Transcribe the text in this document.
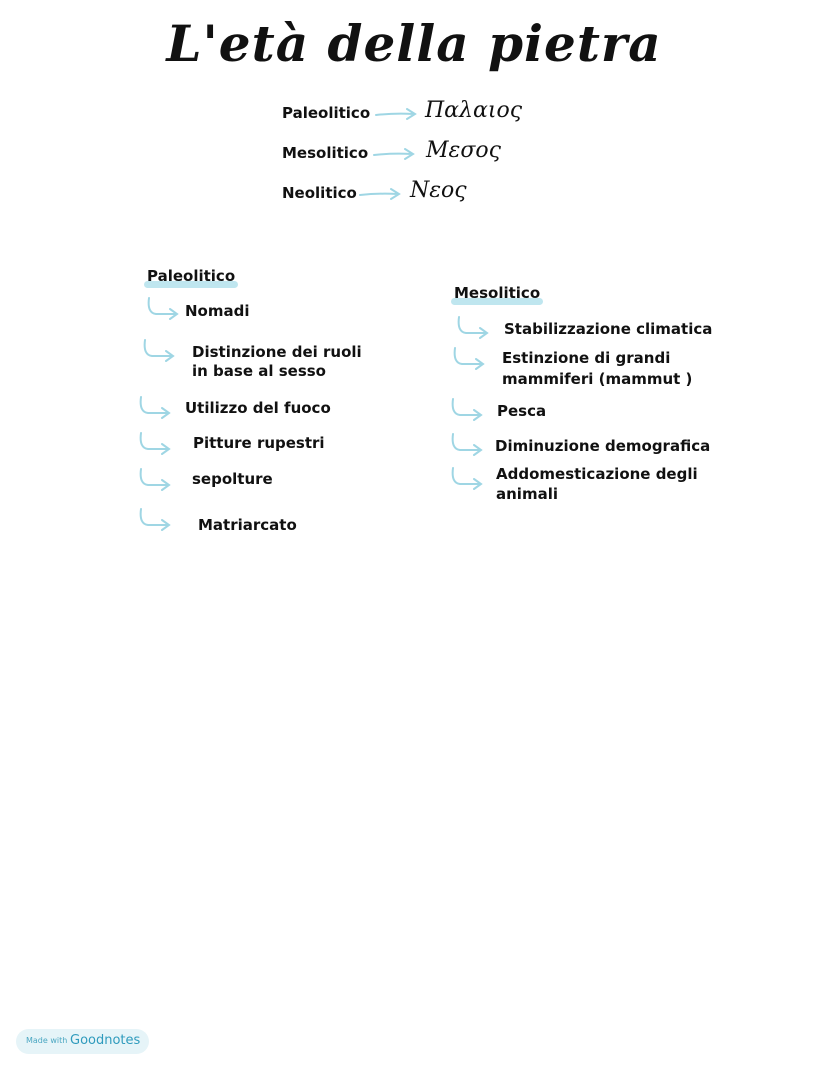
L'età della pietra
Paleolitico Παλαιος
Mesolitico	Μεσος
Neolitico Νεος
Paleolitico
Nomadi
Distinzione dei ruoli
in base al sesso
Utilizzo del fuoco
Pitture rupestri
sepolture
Matriarcato
Mesolitico
Stabilizzazione climatica
Estinzione di grandi
mammiferi (mammut )
Pesca
Diminuzione demografica
Addomesticazione degli
animali
Made with Goodnotes
